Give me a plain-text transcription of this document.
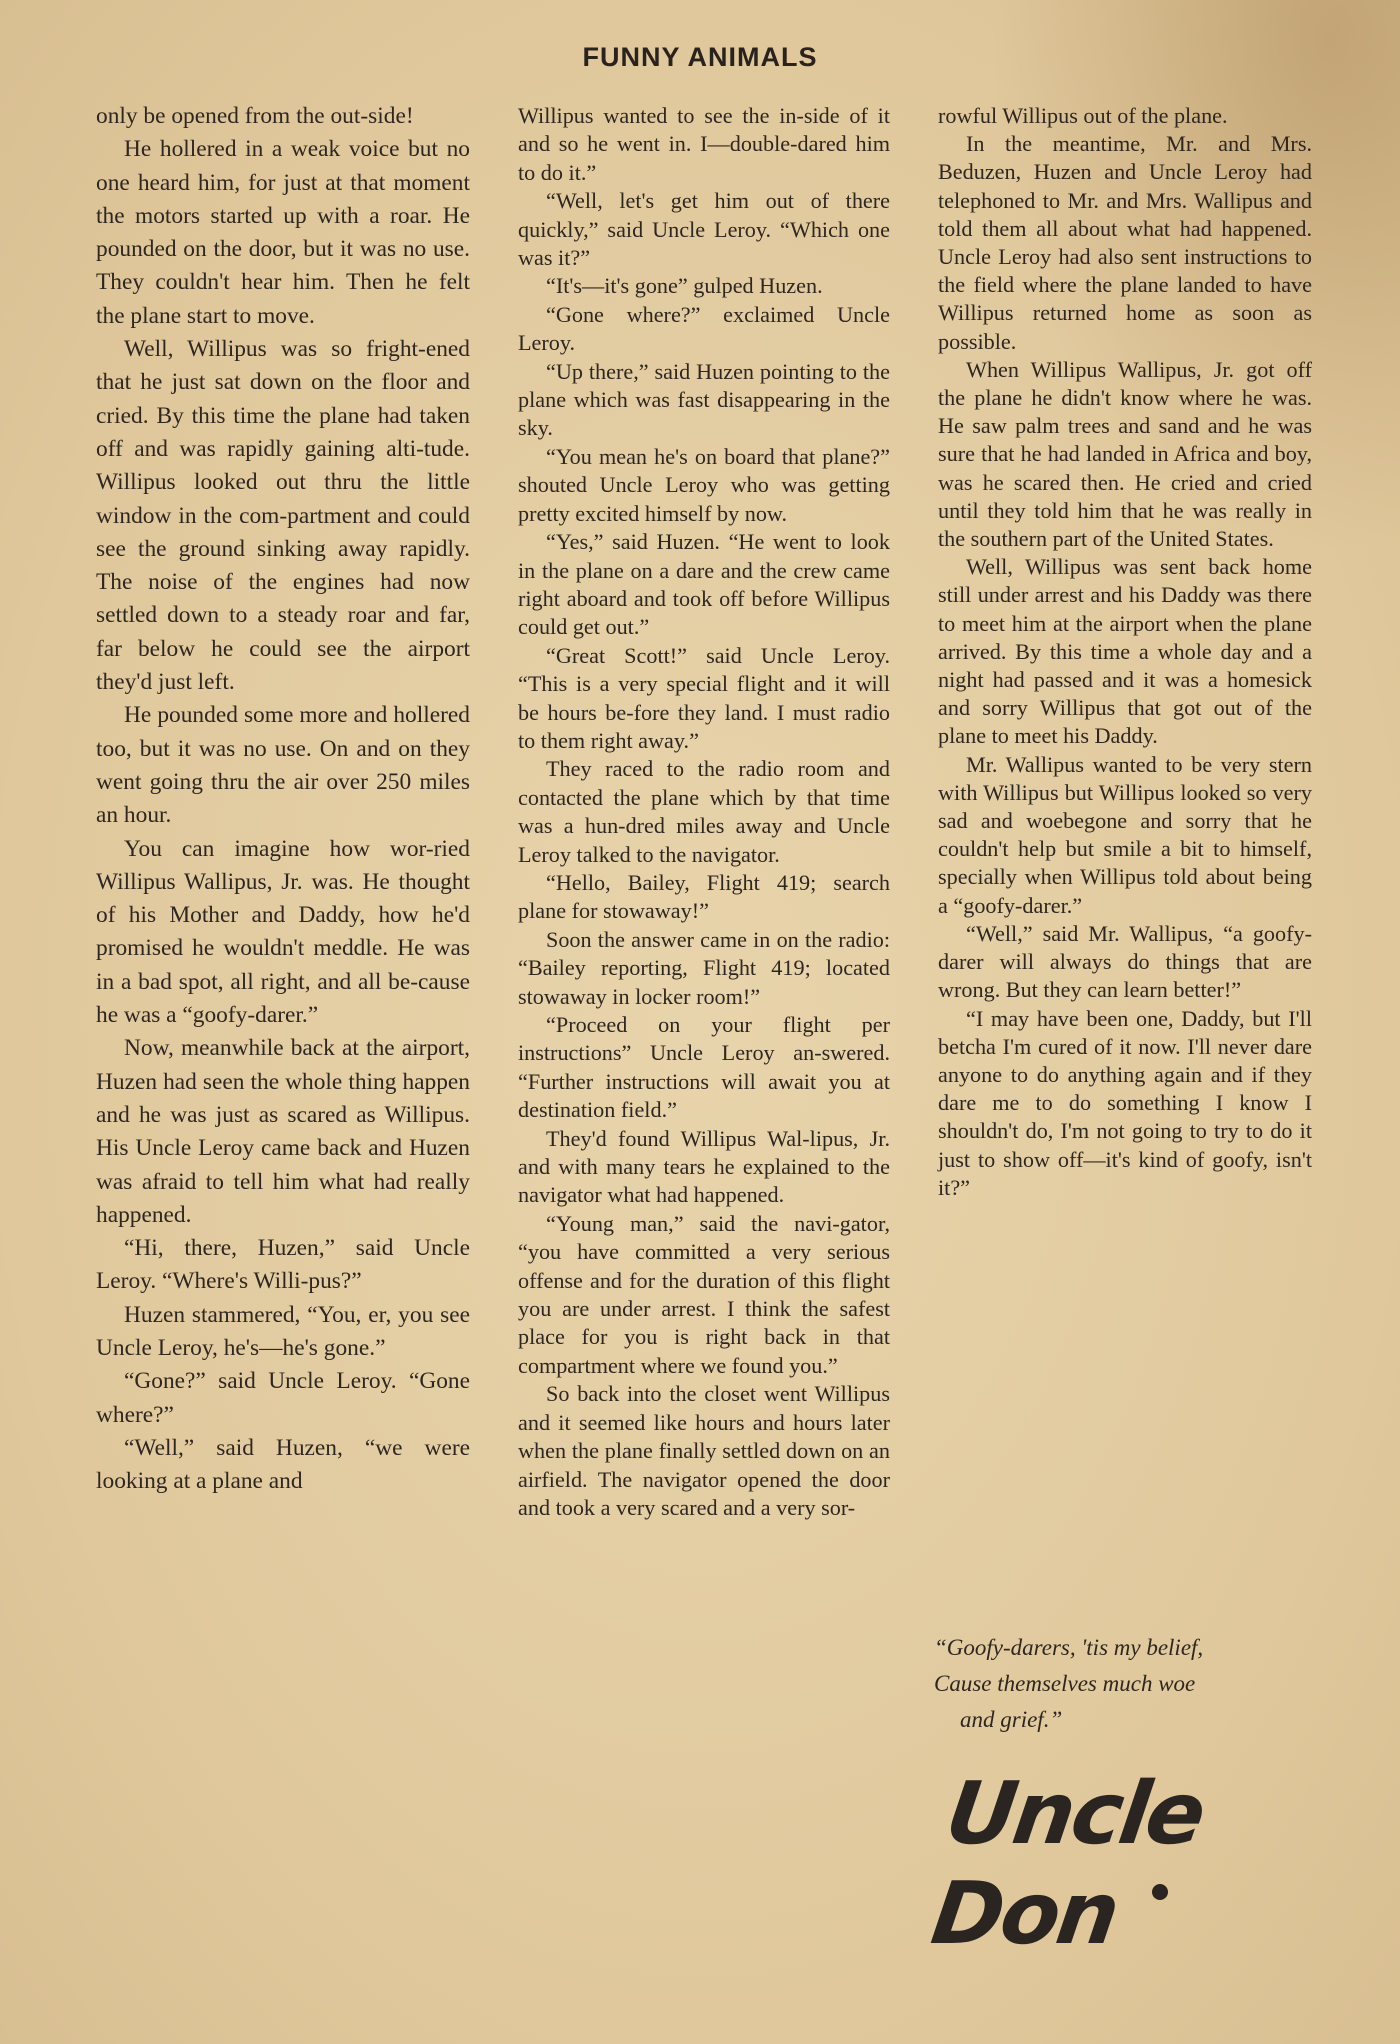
FUNNY ANIMALS

only be opened from the out-side!

He hollered in a weak voice but no one heard him, for just at that moment the motors started up with a roar. He pounded on the door, but it was no use. They couldn't hear him. Then he felt the plane start to move.

Well, Willipus was so fright-ened that he just sat down on the floor and cried. By this time the plane had taken off and was rapidly gaining alti-tude. Willipus looked out thru the little window in the com-partment and could see the ground sinking away rapidly. The noise of the engines had now settled down to a steady roar and far, far below he could see the airport they'd just left.

He pounded some more and hollered too, but it was no use. On and on they went going thru the air over 250 miles an hour.

You can imagine how wor-ried Willipus Wallipus, Jr. was. He thought of his Mother and Daddy, how he'd promised he wouldn't meddle. He was in a bad spot, all right, and all be-cause he was a “goofy-darer.”

Now, meanwhile back at the airport, Huzen had seen the whole thing happen and he was just as scared as Willipus. His Uncle Leroy came back and Huzen was afraid to tell him what had really happened.

“Hi, there, Huzen,” said Uncle Leroy. “Where's Willi-pus?”

Huzen stammered, “You, er, you see Uncle Leroy, he's—he's gone.”

“Gone?” said Uncle Leroy. “Gone where?”

“Well,” said Huzen, “we were looking at a plane and

Willipus wanted to see the in-side of it and so he went in. I—double-dared him to do it.”

“Well, let's get him out of there quickly,” said Uncle Leroy. “Which one was it?”

“It's—it's gone” gulped Huzen.

“Gone where?” exclaimed Uncle Leroy.

“Up there,” said Huzen pointing to the plane which was fast disappearing in the sky.

“You mean he's on board that plane?” shouted Uncle Leroy who was getting pretty excited himself by now.

“Yes,” said Huzen. “He went to look in the plane on a dare and the crew came right aboard and took off before Willipus could get out.”

“Great Scott!” said Uncle Leroy. “This is a very special flight and it will be hours be-fore they land. I must radio to them right away.”

They raced to the radio room and contacted the plane which by that time was a hun-dred miles away and Uncle Leroy talked to the navigator.

“Hello, Bailey, Flight 419; search plane for stowaway!”

Soon the answer came in on the radio: “Bailey reporting, Flight 419; located stowaway in locker room!”

“Proceed on your flight per instructions” Uncle Leroy an-swered. “Further instructions will await you at destination field.”

They'd found Willipus Wal-lipus, Jr. and with many tears he explained to the navigator what had happened.

“Young man,” said the navi-gator, “you have committed a very serious offense and for the duration of this flight you are under arrest. I think the safest place for you is right back in that compartment where we found you.”

So back into the closet went Willipus and it seemed like hours and hours later when the plane finally settled down on an airfield. The navigator opened the door and took a very scared and a very sor-

rowful Willipus out of the plane.

In the meantime, Mr. and Mrs. Beduzen, Huzen and Uncle Leroy had telephoned to Mr. and Mrs. Wallipus and told them all about what had happened. Uncle Leroy had also sent instructions to the field where the plane landed to have Willipus returned home as soon as possible.

When Willipus Wallipus, Jr. got off the plane he didn't know where he was. He saw palm trees and sand and he was sure that he had landed in Africa and boy, was he scared then. He cried and cried until they told him that he was really in the southern part of the United States.

Well, Willipus was sent back home still under arrest and his Daddy was there to meet him at the airport when the plane arrived. By this time a whole day and a night had passed and it was a homesick and sorry Willipus that got out of the plane to meet his Daddy.

Mr. Wallipus wanted to be very stern with Willipus but Willipus looked so very sad and woebegone and sorry that he couldn't help but smile a bit to himself, specially when Willipus told about being a “goofy-darer.”

“Well,” said Mr. Wallipus, “a goofy-darer will always do things that are wrong. But they can learn better!”

“I may have been one, Daddy, but I'll betcha I'm cured of it now. I'll never dare anyone to do anything again and if they dare me to do something I know I shouldn't do, I'm not going to try to do it just to show off—it's kind of goofy, isn't it?”

“Goofy-darers, 'tis my belief,
Cause themselves much woe
and grief.”
Uncle Don
